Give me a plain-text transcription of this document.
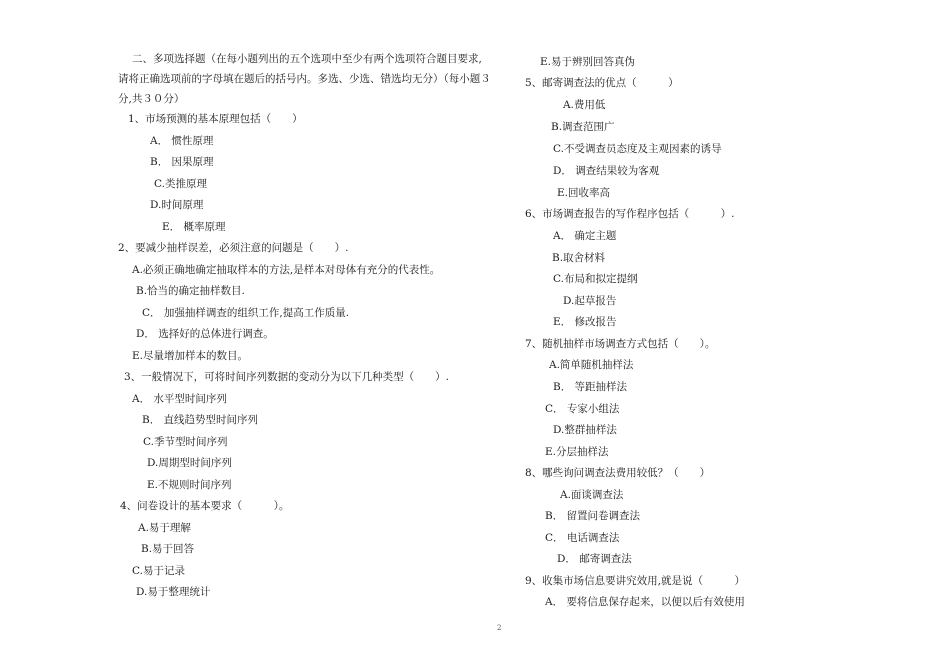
二、多项选择题（在每小题列出的五个选项中至少有两个选项符合题目要求,
请将正确选项前的字母填在题后的括号内。多选、少选、错选均无分）（每小题３
分,共３０分）
1、市场预测的基本原理包括（　　）
A． 惯性原理
B． 因果原理
C.类推原理
D.时间原理
E． 概率原理
2、要减少抽样误差，必须注意的问题是（　　）.
A.必须正确地确定抽取样本的方法,是样本对母体有充分的代表性。
B.恰当的确定抽样数目.
C． 加强抽样调查的组织工作,提高工作质量.
D． 选择好的总体进行调查。
E.尽量增加样本的数目。
3、一般情况下，可将时间序列数据的变动分为以下几种类型（　　）.
A． 水平型时间序列
B． 直线趋势型时间序列
C.季节型时间序列
D.周期型时间序列
E.不规则时间序列
4、问卷设计的基本要求（　　　）。
A.易于理解
B.易于回答
C.易于记录
D.易于整理统计
E.易于辨别回答真伪
5、邮寄调查法的优点（　　　）
A.费用低
B.调查范围广
C.不受调查员态度及主观因素的诱导
D． 调查结果较为客观
E.回收率高
6、市场调查报告的写作程序包括（　　　）.
A． 确定主题
B.取舍材料
C.布局和拟定提纲
D.起草报告
E． 修改报告
7、随机抽样市场调查方式包括（　　）。
A.简单随机抽样法
B． 等距抽样法
C． 专家小组法
D.整群抽样法
E.分层抽样法
8、哪些询问调查法费用较低？（　　）
A.面谈调查法
B． 留置问卷调查法
C． 电话调查法
D． 邮寄调查法
9、收集市场信息要讲究效用,就是说（　　　）
A． 要将信息保存起来，以便以后有效使用
2
